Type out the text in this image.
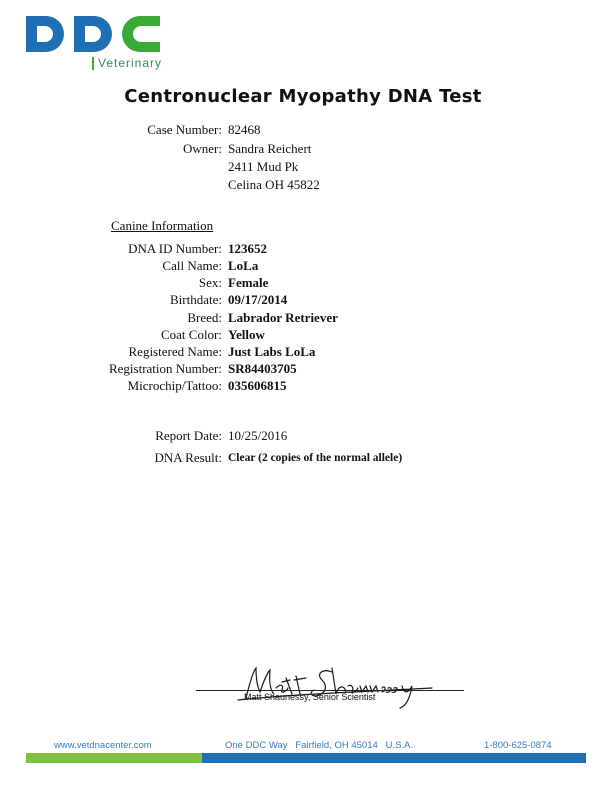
Veterinary
Centronuclear Myopathy DNA Test
Case Number: 82468
Owner: Sandra Reichert
2411 Mud Pk
Celina OH 45822
Canine Information
DNA ID Number: 123652
Call Name: LoLa
Sex: Female
Birthdate: 09/17/2014
Breed: Labrador Retriever
Coat Color: Yellow
Registered Name: Just Labs LoLa
Registration Number: SR84403705
Microchip/Tattoo: 035606815
Report Date: 10/25/2016
DNA Result: Clear (2 copies of the normal allele)
Matt Shaunessy, Senior Scientist
www.vetdnacenter.com	One DDC Way   Fairfield, OH 45014   U.S.A.	1-800-625-0874
